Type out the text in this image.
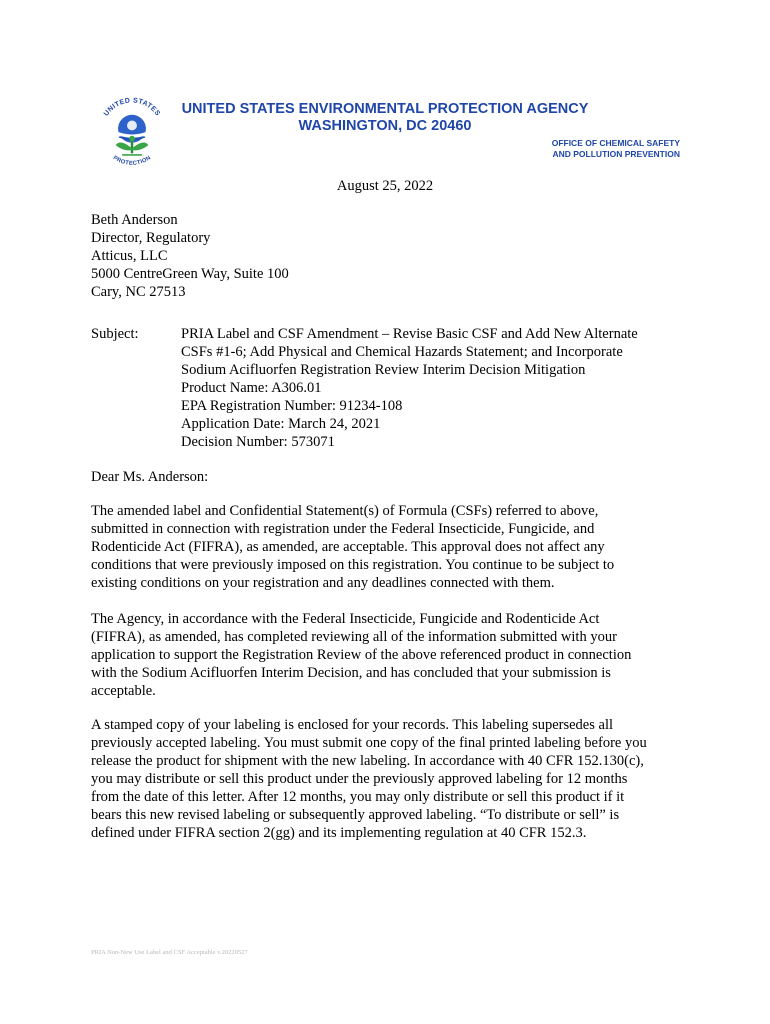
UNITED STATES
PROTECTION
UNITED STATES ENVIRONMENTAL PROTECTION AGENCY
WASHINGTON, DC 20460
OFFICE OF CHEMICAL SAFETY
AND POLLUTION PREVENTION
August 25, 2022
Beth Anderson
Director, Regulatory
Atticus, LLC
5000 CentreGreen Way, Suite 100
Cary, NC 27513
Subject:	PRIA Label and CSF Amendment – Revise Basic CSF and Add New Alternate
CSFs #1-6; Add Physical and Chemical Hazards Statement; and Incorporate
Sodium Acifluorfen Registration Review Interim Decision Mitigation
Product Name: A306.01
EPA Registration Number: 91234-108
Application Date: March 24, 2021
Decision Number: 573071
Dear Ms. Anderson:
The amended label and Confidential Statement(s) of Formula (CSFs) referred to above,
submitted in connection with registration under the Federal Insecticide, Fungicide, and
Rodenticide Act (FIFRA), as amended, are acceptable. This approval does not affect any
conditions that were previously imposed on this registration. You continue to be subject to
existing conditions on your registration and any deadlines connected with them.
The Agency, in accordance with the Federal Insecticide, Fungicide and Rodenticide Act
(FIFRA), as amended, has completed reviewing all of the information submitted with your
application to support the Registration Review of the above referenced product in connection
with the Sodium Acifluorfen Interim Decision, and has concluded that your submission is
acceptable.
A stamped copy of your labeling is enclosed for your records. This labeling supersedes all
previously accepted labeling. You must submit one copy of the final printed labeling before you
release the product for shipment with the new labeling. In accordance with 40 CFR 152.130(c),
you may distribute or sell this product under the previously approved labeling for 12 months
from the date of this letter. After 12 months, you may only distribute or sell this product if it
bears this new revised labeling or subsequently approved labeling. “To distribute or sell” is
defined under FIFRA section 2(gg) and its implementing regulation at 40 CFR 152.3.
PRIA Non-New Use Label and CSF Acceptable v.20220527
